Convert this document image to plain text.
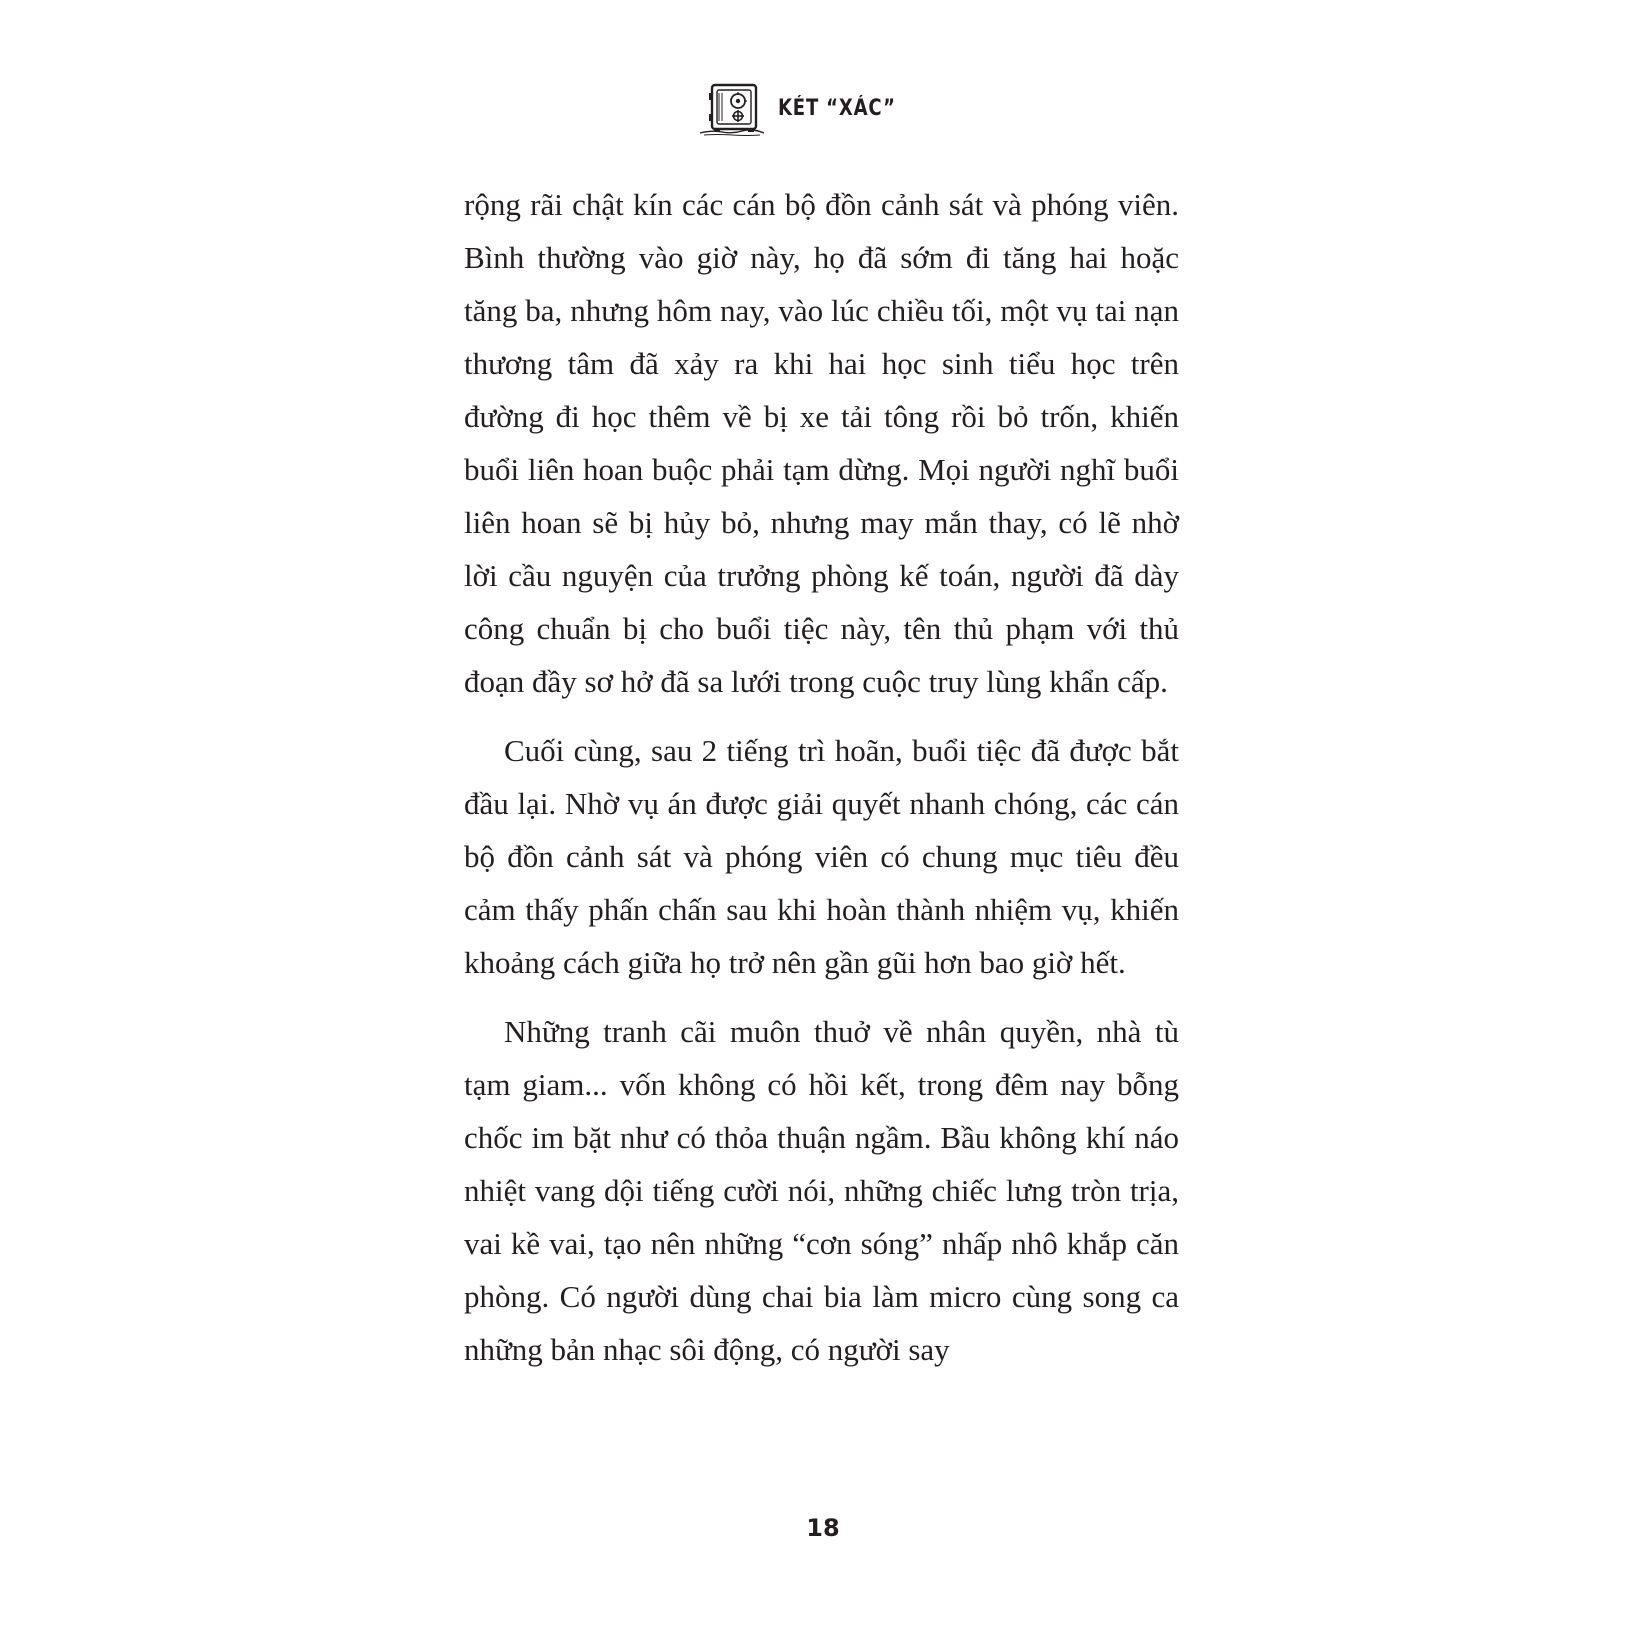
KÉT “XÁC”

rộng rãi chật kín các cán bộ đồn cảnh sát và phóng viên. Bình thường vào giờ này, họ đã sớm đi tăng hai hoặc tăng ba, nhưng hôm nay, vào lúc chiều tối, một vụ tai nạn thương tâm đã xảy ra khi hai học sinh tiểu học trên đường đi học thêm về bị xe tải tông rồi bỏ trốn, khiến buổi liên hoan buộc phải tạm dừng. Mọi người nghĩ buổi liên hoan sẽ bị hủy bỏ, nhưng may mắn thay, có lẽ nhờ lời cầu nguyện của trưởng phòng kế toán, người đã dày công chuẩn bị cho buổi tiệc này, tên thủ phạm với thủ đoạn đầy sơ hở đã sa lưới trong cuộc truy lùng khẩn cấp.

Cuối cùng, sau 2 tiếng trì hoãn, buổi tiệc đã được bắt đầu lại. Nhờ vụ án được giải quyết nhanh chóng, các cán bộ đồn cảnh sát và phóng viên có chung mục tiêu đều cảm thấy phấn chấn sau khi hoàn thành nhiệm vụ, khiến khoảng cách giữa họ trở nên gần gũi hơn bao giờ hết.

Những tranh cãi muôn thuở về nhân quyền, nhà tù tạm giam... vốn không có hồi kết, trong đêm nay bỗng chốc im bặt như có thỏa thuận ngầm. Bầu không khí náo nhiệt vang dội tiếng cười nói, những chiếc lưng tròn trịa, vai kề vai, tạo nên những “cơn sóng” nhấp nhô khắp căn phòng. Có người dùng chai bia làm micro cùng song ca những bản nhạc sôi động, có người say

18
